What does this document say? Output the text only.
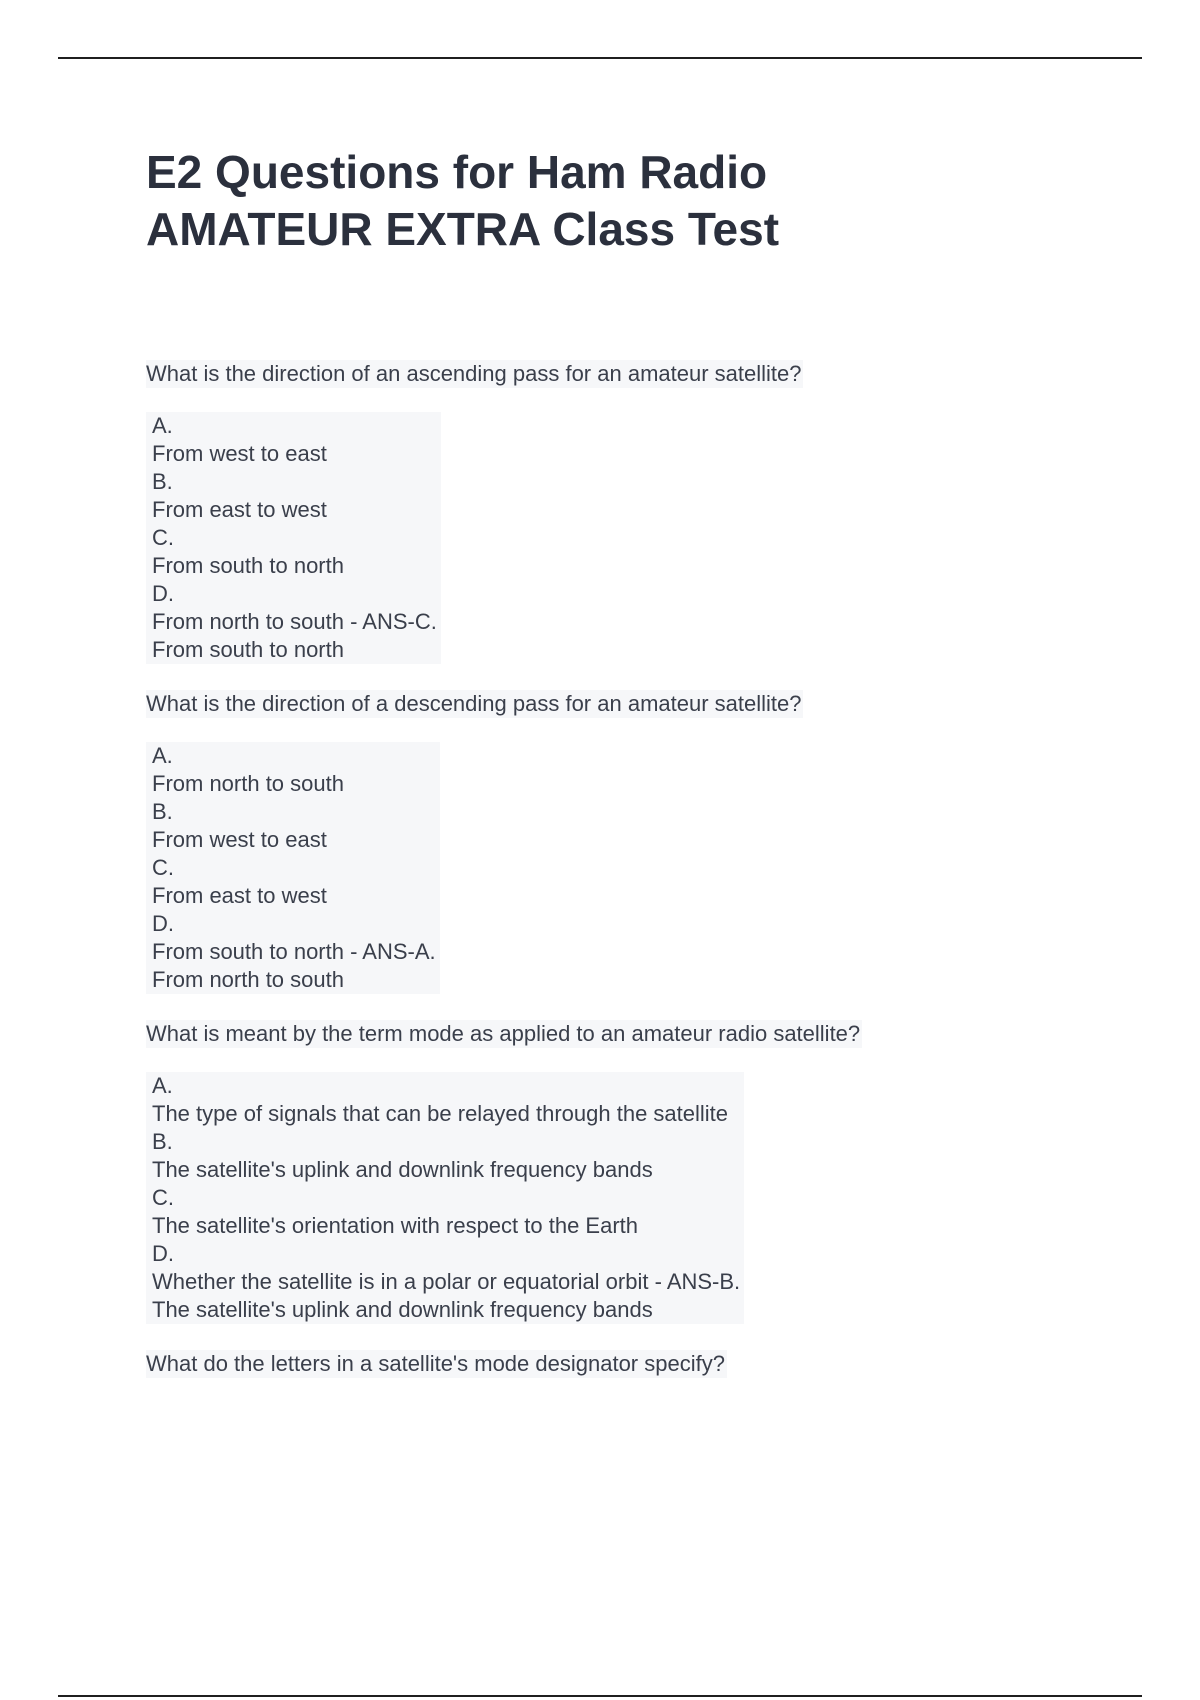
E2 Questions for Ham Radio
AMATEUR EXTRA Class Test

What is the direction of an ascending pass for an amateur satellite?

A.
From west to east
B.
From east to west
C.
From south to north
D.
From north to south - ANS-C.
From south to north

What is the direction of a descending pass for an amateur satellite?

A.
From north to south
B.
From west to east
C.
From east to west
D.
From south to north - ANS-A.
From north to south

What is meant by the term mode as applied to an amateur radio satellite?

A.
The type of signals that can be relayed through the satellite
B.
The satellite's uplink and downlink frequency bands
C.
The satellite's orientation with respect to the Earth
D.
Whether the satellite is in a polar or equatorial orbit - ANS-B.
The satellite's uplink and downlink frequency bands

What do the letters in a satellite's mode designator specify?
